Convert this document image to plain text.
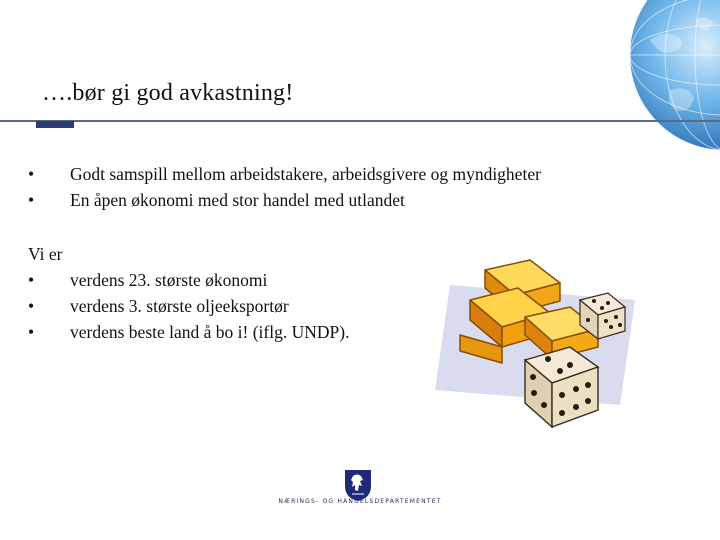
….bør gi god avkastning!
•	Godt samspill mellom arbeidstakere, arbeidsgivere og myndigheter
•	En åpen økonomi med stor handel med utlandet
Vi er
•	verdens 23. største økonomi
•	verdens 3. største oljeeksportør
•	verdens beste land å bo i! (iflg. UNDP).
NÆRINGS- OG HANDELSDEPARTEMENTET
